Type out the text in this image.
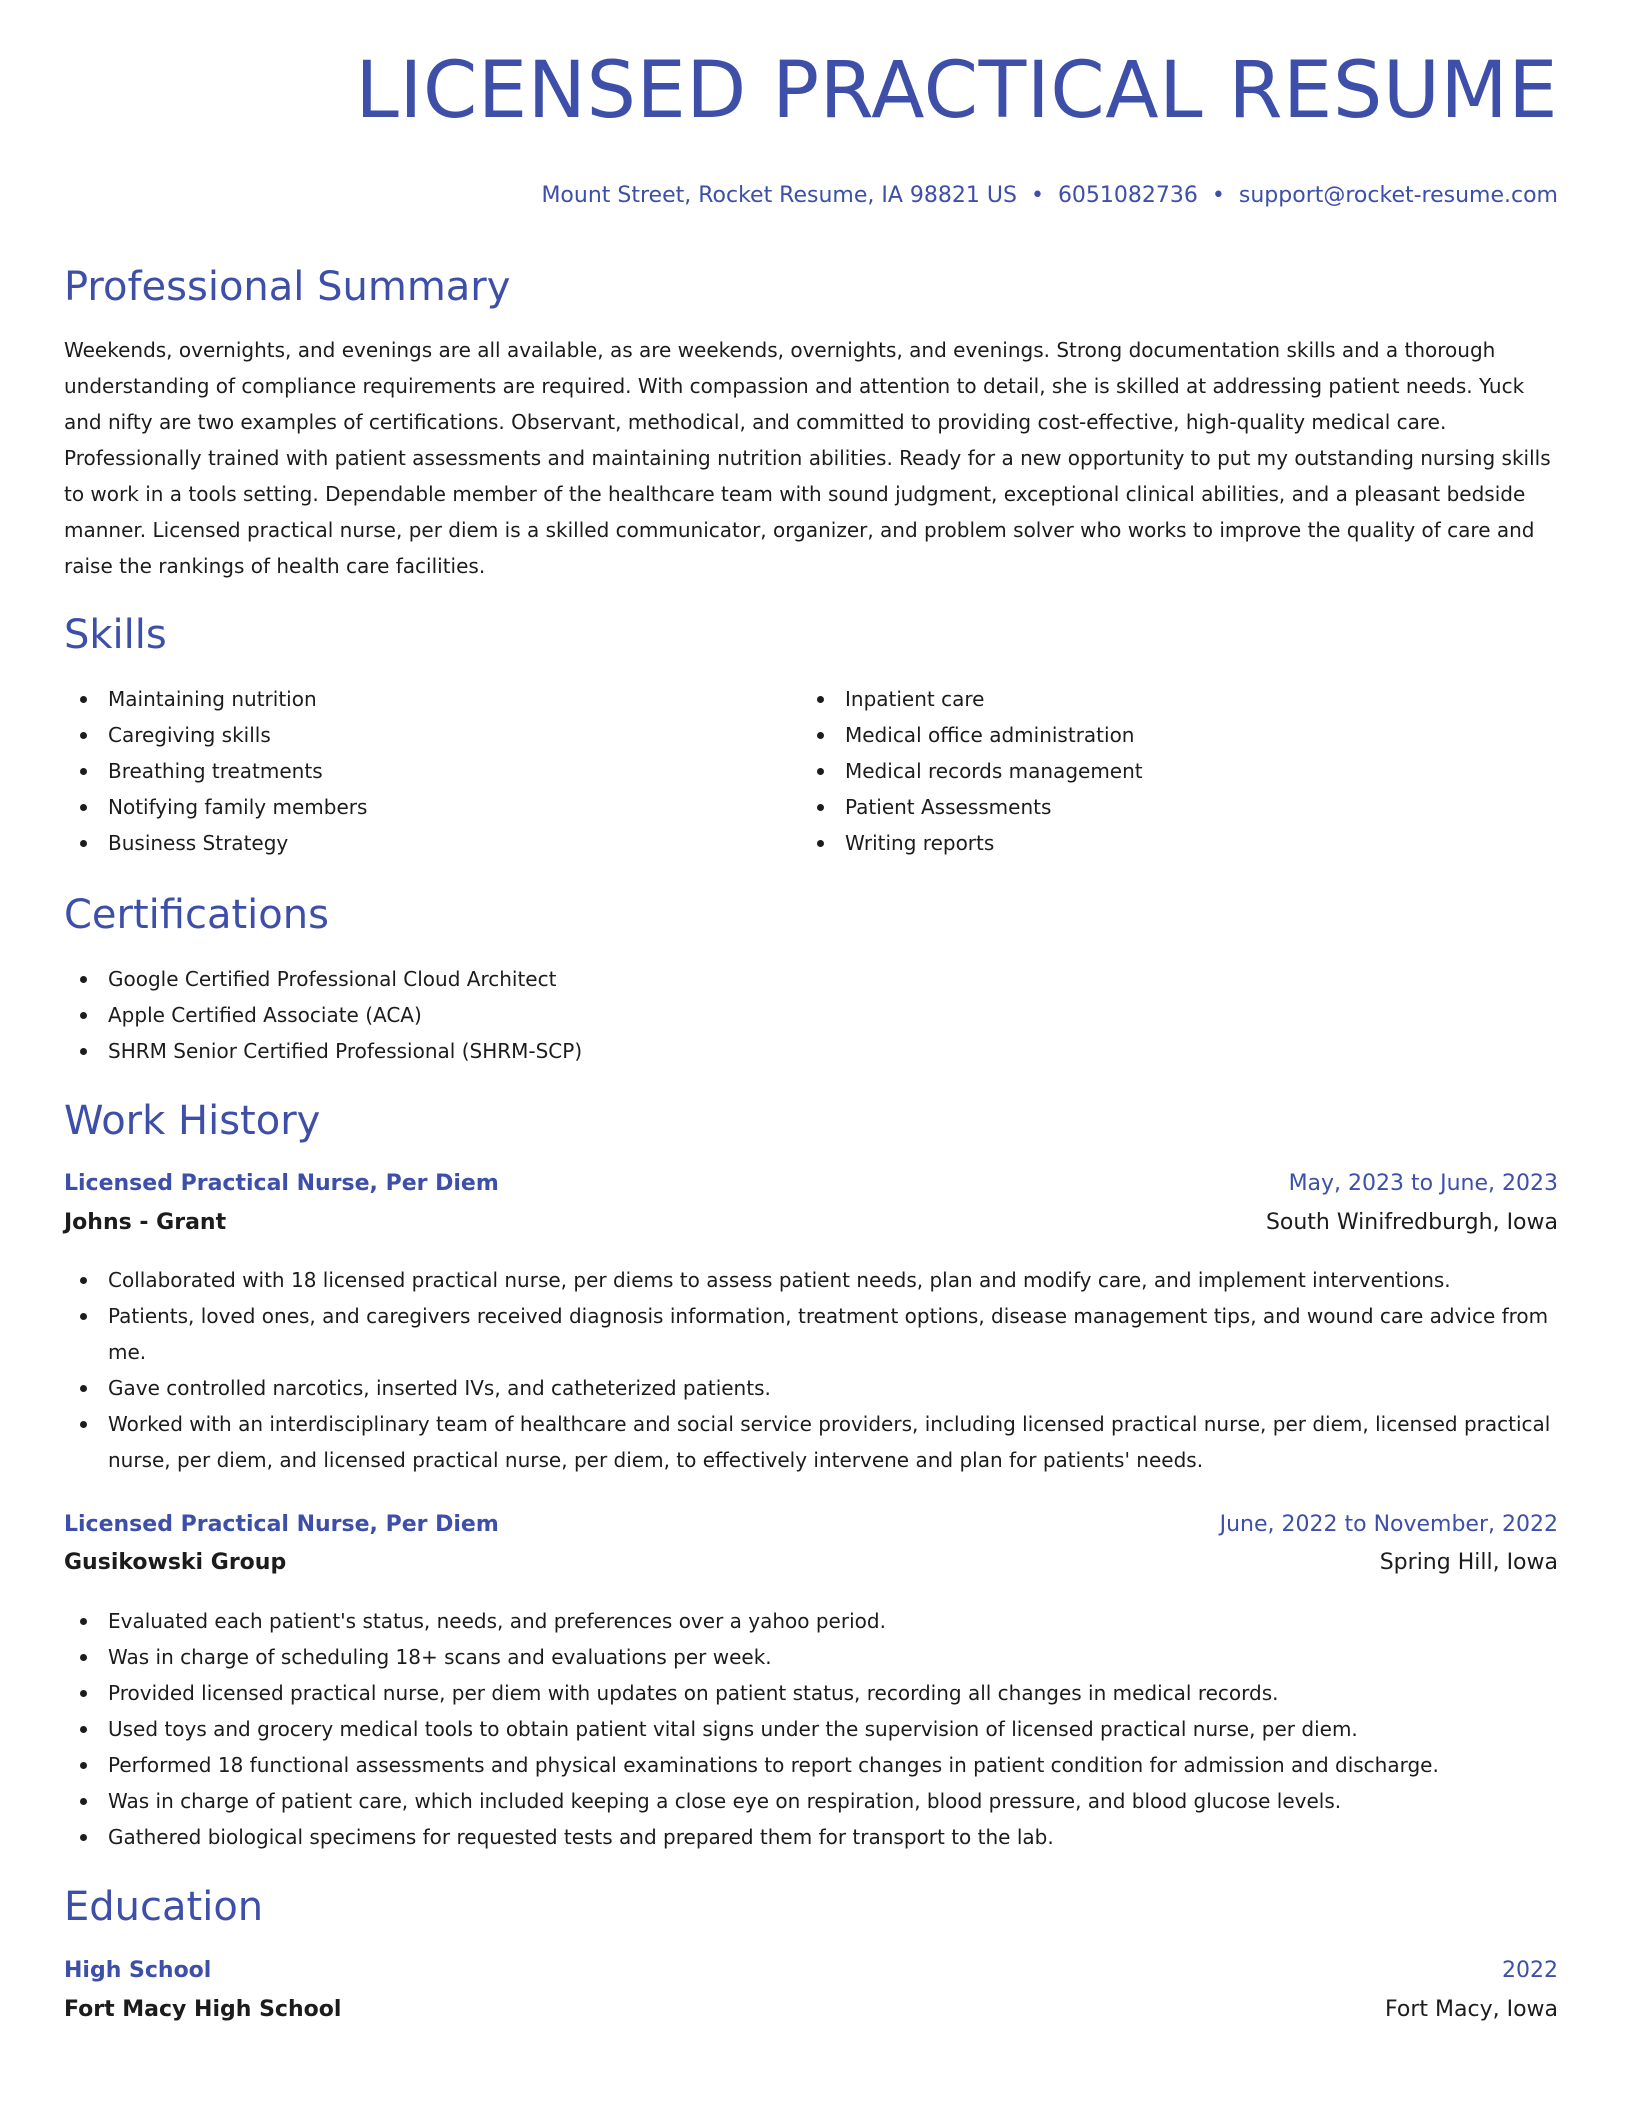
LICENSED PRACTICAL RESUME
Mount Street, Rocket Resume, IA 98821 US • 6051082736 • support@rocket-resume.com
Professional Summary

Weekends, overnights, and evenings are all available, as are weekends, overnights, and evenings. Strong documentation skills and a thorough understanding of compliance requirements are required. With compassion and attention to detail, she is skilled at addressing patient needs. Yuck and nifty are two examples of certifications. Observant, methodical, and committed to providing cost-effective, high-quality medical care. Professionally trained with patient assessments and maintaining nutrition abilities. Ready for a new opportunity to put my outstanding nursing skills to work in a tools setting. Dependable member of the healthcare team with sound judgment, exceptional clinical abilities, and a pleasant bedside manner. Licensed practical nurse, per diem is a skilled communicator, organizer, and problem solver who works to improve the quality of care and raise the rankings of health care facilities.

Skills
Maintaining nutrition
Caregiving skills
Breathing treatments
Notifying family members
Business Strategy
Inpatient care
Medical office administration
Medical records management
Patient Assessments
Writing reports
Certifications
Google Certified Professional Cloud Architect
Apple Certified Associate (ACA)
SHRM Senior Certified Professional (SHRM-SCP)
Work History
Licensed Practical Nurse, Per Diem	May, 2023 to June, 2023
Johns - Grant	South Winifredburgh, Iowa
Collaborated with 18 licensed practical nurse, per diems to assess patient needs, plan and modify care, and implement interventions.
Patients, loved ones, and caregivers received diagnosis information, treatment options, disease management tips, and wound care advice from me.
Gave controlled narcotics, inserted IVs, and catheterized patients.
Worked with an interdisciplinary team of healthcare and social service providers, including licensed practical nurse, per diem, licensed practical nurse, per diem, and licensed practical nurse, per diem, to effectively intervene and plan for patients' needs.
Licensed Practical Nurse, Per Diem	June, 2022 to November, 2022
Gusikowski Group	Spring Hill, Iowa
Evaluated each patient's status, needs, and preferences over a yahoo period.
Was in charge of scheduling 18+ scans and evaluations per week.
Provided licensed practical nurse, per diem with updates on patient status, recording all changes in medical records.
Used toys and grocery medical tools to obtain patient vital signs under the supervision of licensed practical nurse, per diem.
Performed 18 functional assessments and physical examinations to report changes in patient condition for admission and discharge.
Was in charge of patient care, which included keeping a close eye on respiration, blood pressure, and blood glucose levels.
Gathered biological specimens for requested tests and prepared them for transport to the lab.
Education
High School	2022
Fort Macy High School	Fort Macy, Iowa
